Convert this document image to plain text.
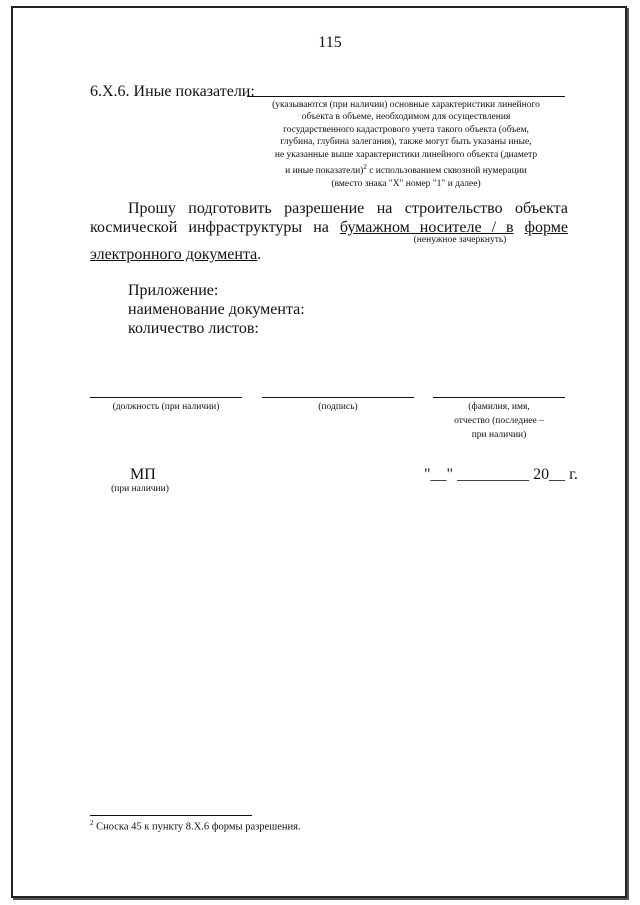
115
6.Х.6. Иные показатели:
(указываются (при наличии) основные характеристики линейного
объекта в объеме, необходимом для осуществления
государственного кадастрового учета такого объекта (объем,
глубина, глубина залегания), также могут быть указаны иные,
не указанные выше характеристики линейного объекта (диаметр
и иные показатели)$^2$ с использованием сквозной нумерации
(вместо знака "Х" номер "1" и далее)
Прошу подготовить разрешение на строительство объекта
космической инфраструктуры на бумажном носителе / в форме
(ненужное зачеркнуть)
электронного документа.
Приложение:
наименование документа:
количество листов:
(должность (при наличии)	(подпись)	(фамилия, имя,
отчество (последнее –
при наличии)
МП
(при наличии)
"__" _________ 20__ г.
$^2$ Сноска 45 к пункту 8.Х.6 формы разрешения.
